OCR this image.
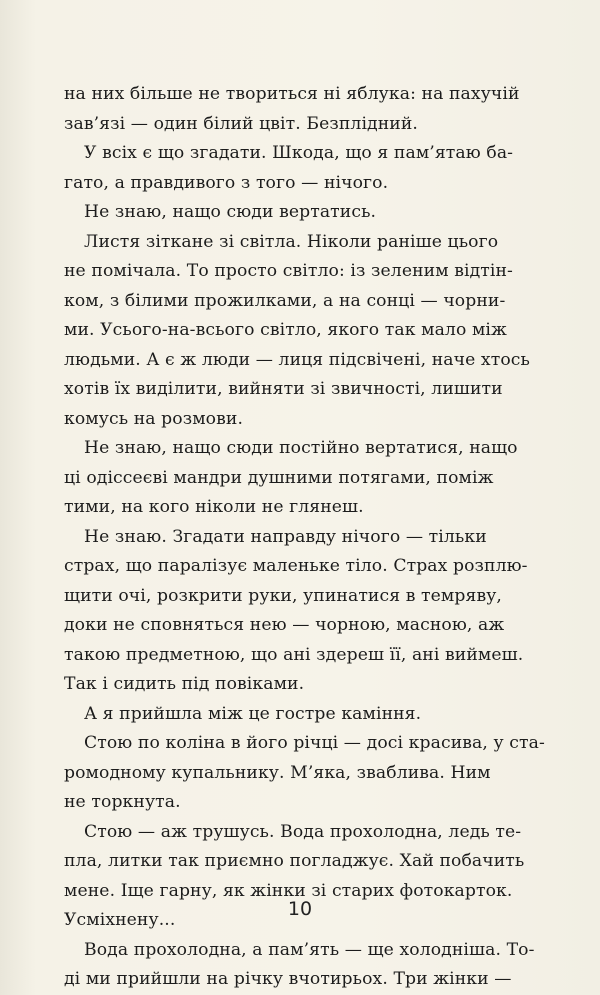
на них більше не твориться ні яблука: на пахучій
зав’язі — один білий цвіт. Безплідний.
У всіх є що згадати. Шкода, що я пам’ятаю ба-
гато, а правдивого з того — нічого.
Не знаю, нащо сюди вертатись.
Листя зіткане зі світла. Ніколи раніше цього
не помічала. То просто світло: із зеленим відтін-
ком, з білими прожилками, а на сонці — чорни-
ми. Усього-на-всього світло, якого так мало між
людьми. А є ж люди — лиця підсвічені, наче хтось
хотів їх виділити, вийняти зі звичності, лишити
комусь на розмови.
Не знаю, нащо сюди постійно вертатися, нащо
ці одіссеєві мандри душними потягами, поміж
тими, на кого ніколи не глянеш.
Не знаю. Згадати направду нічого — тільки
страх, що паралізує маленьке тіло. Страх розплю-
щити очі, розкрити руки, упинатися в темряву,
доки не сповняться нею — чорною, масною, аж
такою предметною, що ані здереш її, ані виймеш.
Так і сидить під повіками.
А я прийшла між це гостре каміння.
Стою по коліна в його річці — досі красива, у ста-
ромодному купальнику. М’яка, зваблива. Ним
не торкнута.
Стою — аж трушусь. Вода прохолодна, ледь те-
пла, литки так приємно погладжує. Хай побачить
мене. Іще гарну, як жінки зі старих фотокарток.
Усміхнену...
Вода прохолодна, а пам’ять — ще холодніша. То-
ді ми прийшли на річку вчотирьох. Три жінки —
10
